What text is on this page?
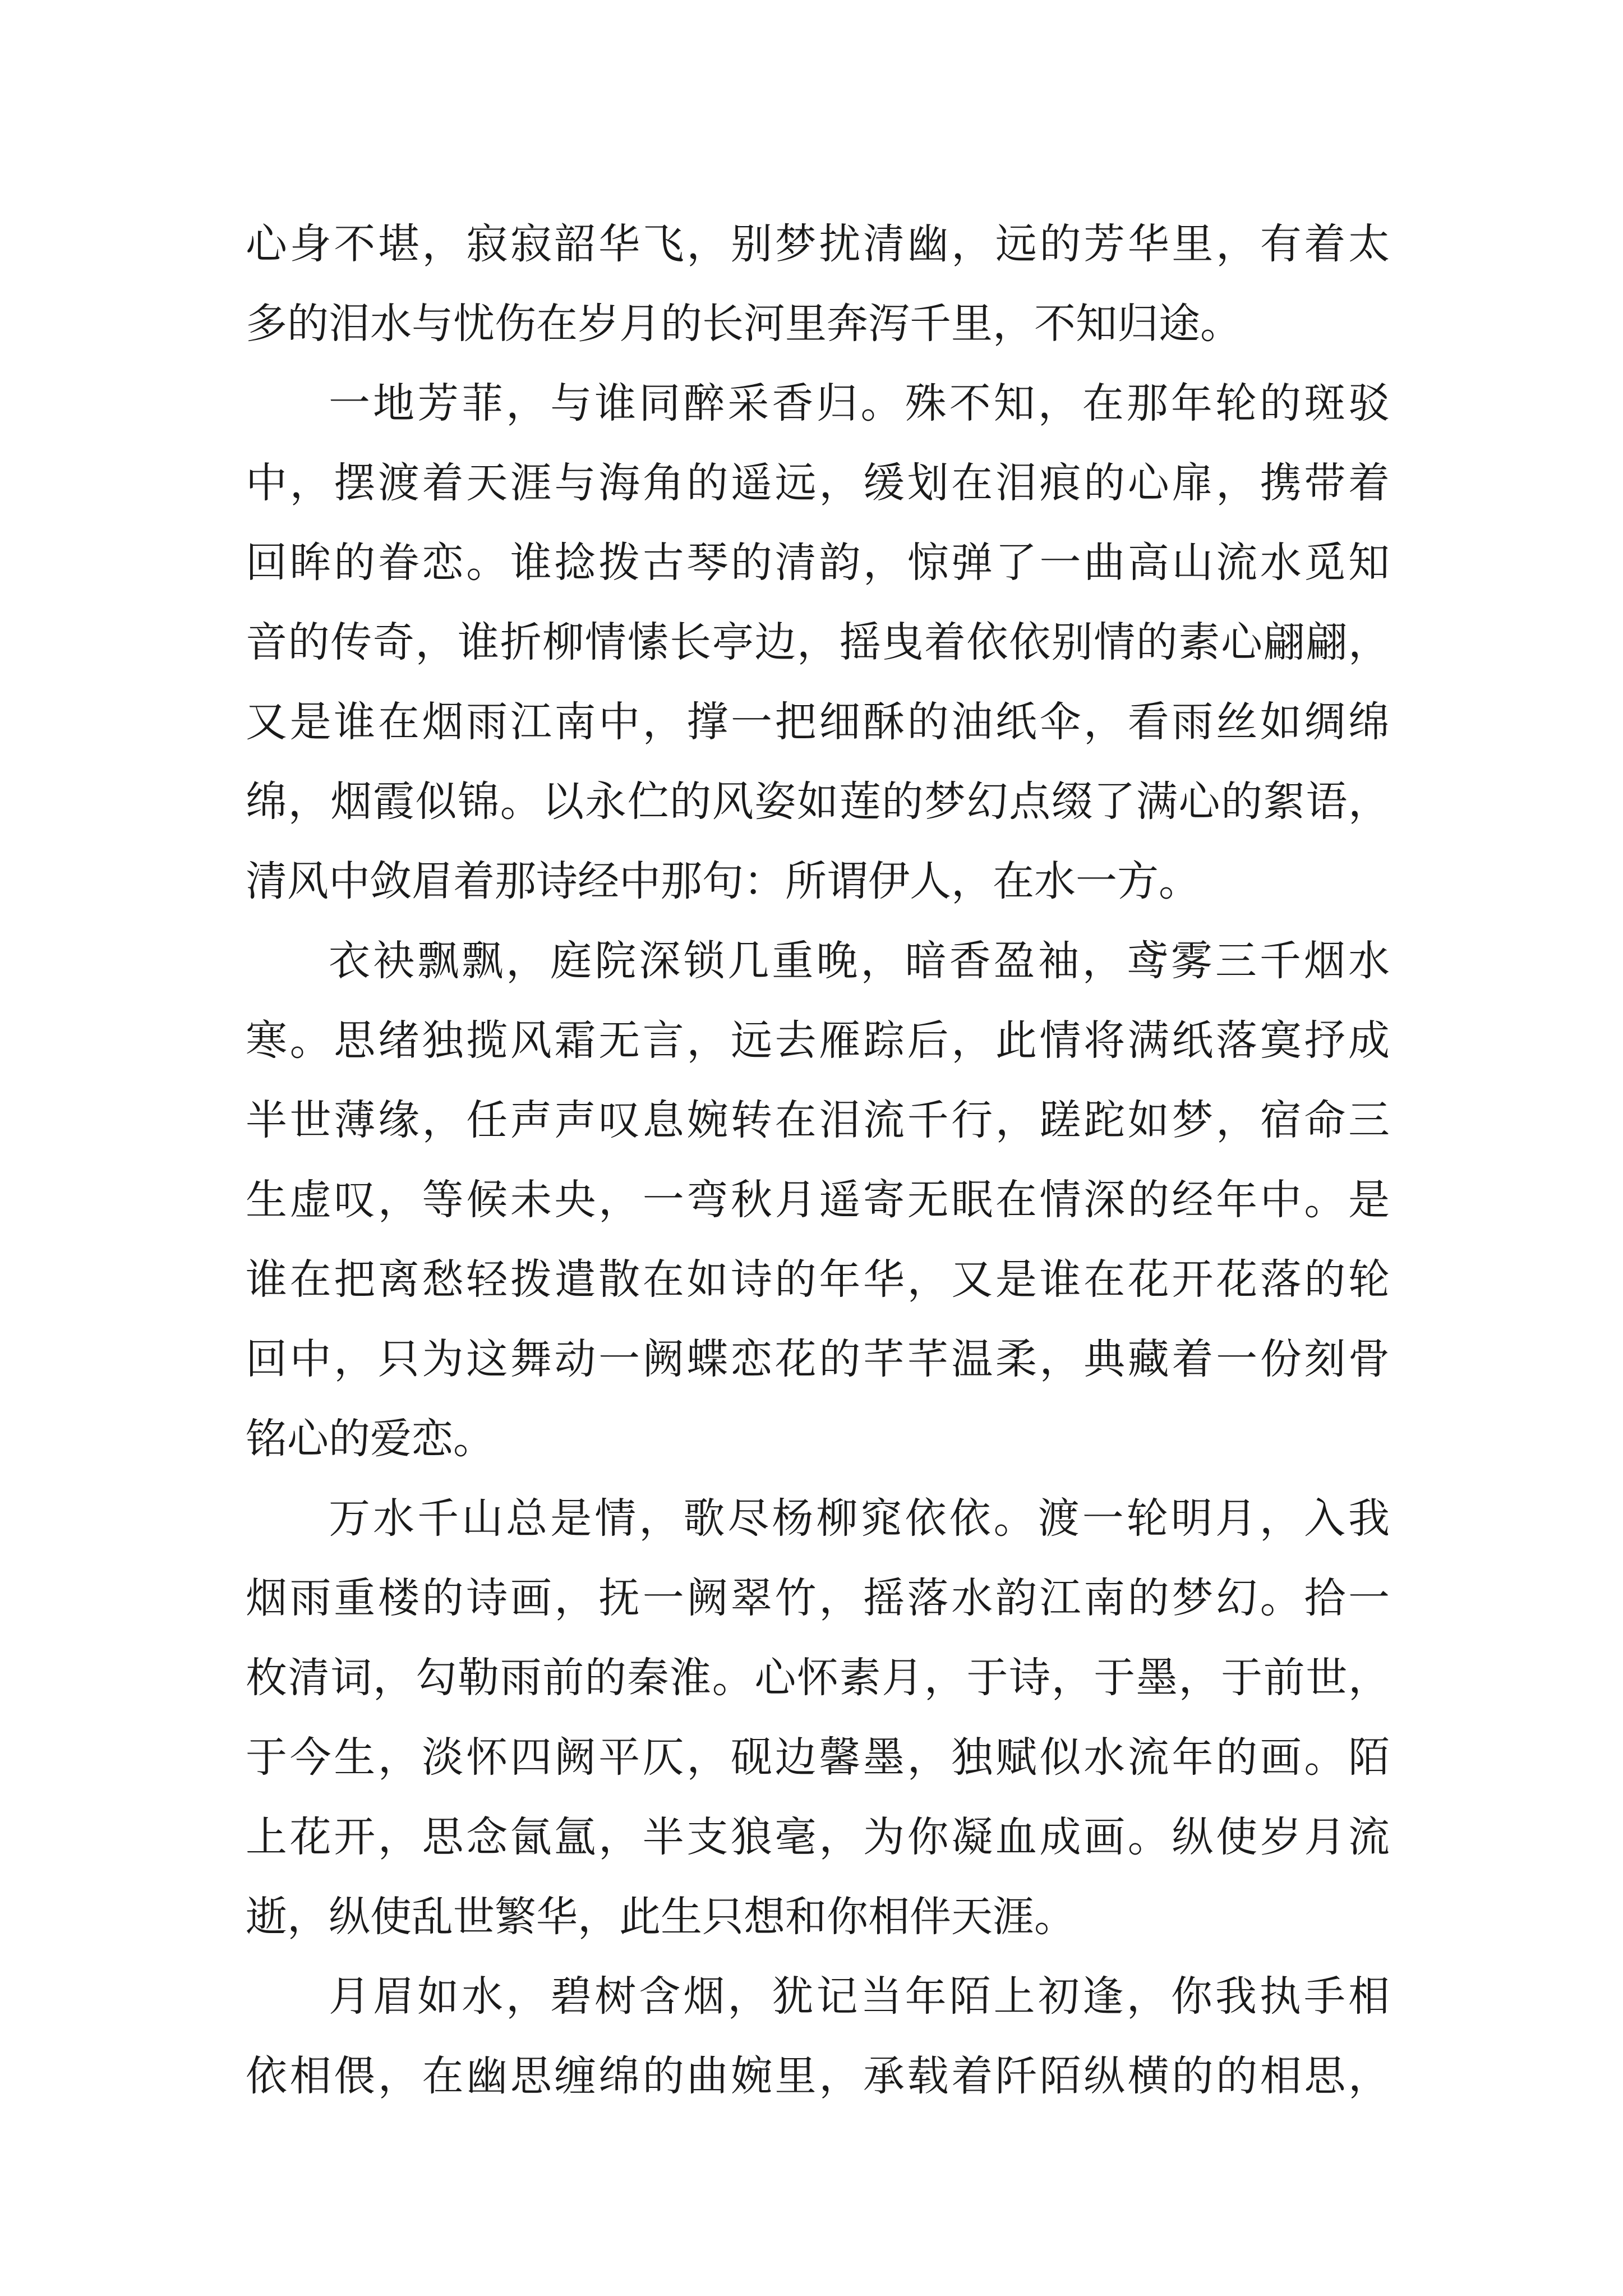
心身不堪，寂寂韶华飞，别梦扰清幽，远的芳华里，有着太
多的泪水与忧伤在岁月的长河里奔泻千里，不知归途。
一地芳菲，与谁同醉采香归。殊不知，在那年轮的斑驳
中，摆渡着天涯与海角的遥远，缓划在泪痕的心扉，携带着
回眸的眷恋。谁捻拨古琴的清韵，惊弹了一曲高山流水觅知
音的传奇，谁折柳情愫长亭边，摇曳着依依别情的素心翩翩，
又是谁在烟雨江南中，撑一把细酥的油纸伞，看雨丝如绸绵
绵，烟霞似锦。以永伫的风姿如莲的梦幻点缀了满心的絮语，
清风中敛眉着那诗经中那句：所谓伊人，在水一方。
衣袂飘飘，庭院深锁几重晚，暗香盈袖，鸢雾三千烟水
寒。思绪独揽风霜无言，远去雁踪后，此情将满纸落寞抒成
半世薄缘，任声声叹息婉转在泪流千行，蹉跎如梦，宿命三
生虚叹，等候未央，一弯秋月遥寄无眠在情深的经年中。是
谁在把离愁轻拨遣散在如诗的年华，又是谁在花开花落的轮
回中，只为这舞动一阙蝶恋花的芊芊温柔，典藏着一份刻骨
铭心的爱恋。
万水千山总是情，歌尽杨柳窕依依。渡一轮明月，入我
烟雨重楼的诗画，抚一阙翠竹，摇落水韵江南的梦幻。拾一
枚清词，勾勒雨前的秦淮。心怀素月，于诗，于墨，于前世，
于今生，淡怀四阙平仄，砚边馨墨，独赋似水流年的画。陌
上花开，思念氤氲，半支狼毫，为你凝血成画。纵使岁月流
逝，纵使乱世繁华，此生只想和你相伴天涯。
月眉如水，碧树含烟，犹记当年陌上初逢，你我执手相
依相偎，在幽思缠绵的曲婉里，承载着阡陌纵横的的相思，
